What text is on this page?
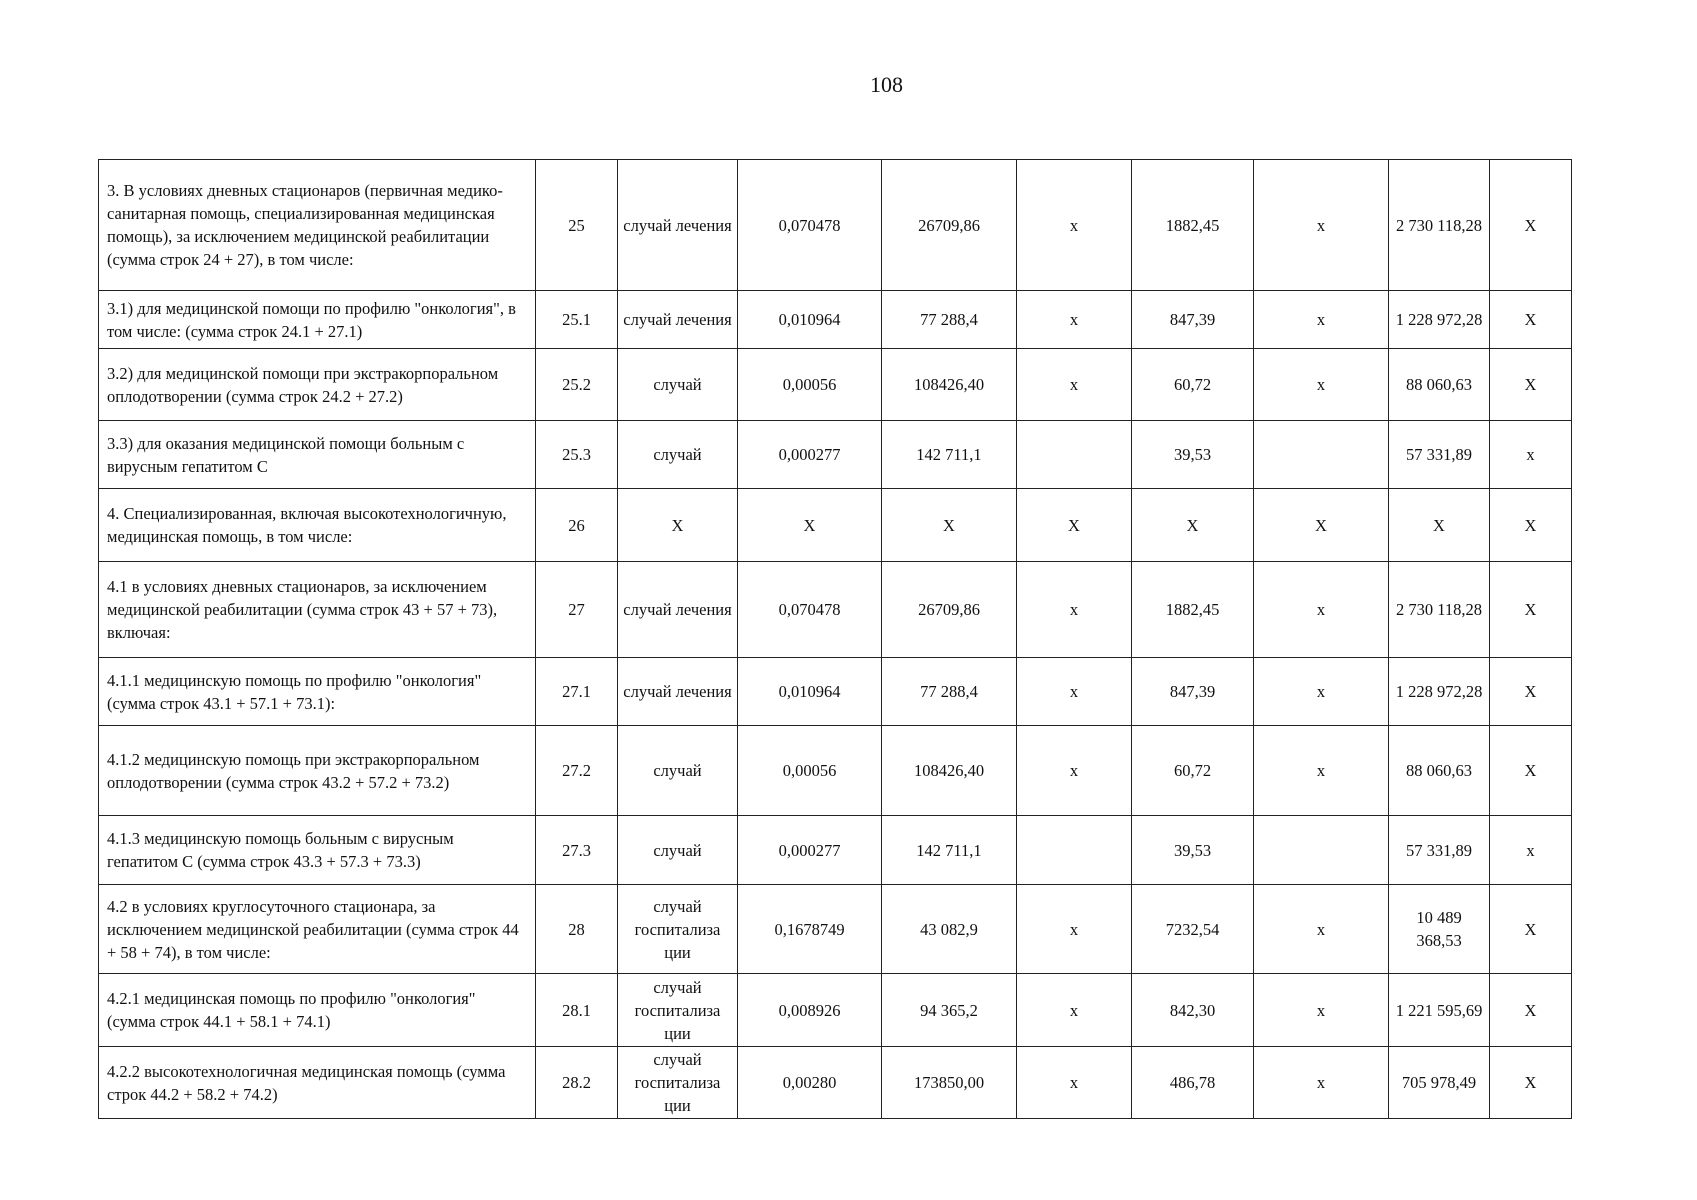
108
3. В условиях дневных стационаров (первичная медико-санитарная помощь, специализированная медицинская помощь), за исключением медицинской реабилитации (сумма строк 24 + 27), в том числе:	25	случай лечения	0,070478	26709,86	х	1882,45	х	2 730 118,28	Х
3.1) для медицинской помощи по профилю "онкология", в том числе: (сумма строк 24.1 + 27.1)	25.1	случай лечения	0,010964	77 288,4	х	847,39	х	1 228 972,28	Х
3.2) для медицинской помощи при экстракорпоральном оплодотворении (сумма строк 24.2 + 27.2)	25.2	случай	0,00056	108426,40	х	60,72	х	88 060,63	Х
3.3) для оказания медицинской помощи больным с вирусным гепатитом С	25.3	случай	0,000277	142 711,1		39,53		57 331,89	х
4. Специализированная, включая высокотехнологичную, медицинская помощь, в том числе:	26	Х	Х	Х	Х	Х	Х	Х	Х
4.1 в условиях дневных стационаров, за исключением медицинской реабилитации (сумма строк 43 + 57 + 73), включая:	27	случай лечения	0,070478	26709,86	х	1882,45	х	2 730 118,28	Х
4.1.1 медицинскую помощь по профилю "онкология" (сумма строк 43.1 + 57.1 + 73.1):	27.1	случай лечения	0,010964	77 288,4	х	847,39	х	1 228 972,28	Х
4.1.2 медицинскую помощь при экстракорпоральном оплодотворении (сумма строк 43.2 + 57.2 + 73.2)	27.2	случай	0,00056	108426,40	х	60,72	х	88 060,63	Х
4.1.3 медицинскую помощь больным с вирусным гепатитом С (сумма строк 43.3 + 57.3 + 73.3)	27.3	случай	0,000277	142 711,1		39,53		57 331,89	х
4.2 в условиях круглосуточного стационара, за исключением медицинской реабилитации (сумма строк 44 + 58 + 74), в том числе:	28	случай госпитализа ции	0,1678749	43 082,9	х	7232,54	х	10 489 368,53	Х
4.2.1 медицинская помощь по профилю "онкология" (сумма строк 44.1 + 58.1 + 74.1)	28.1	случай госпитализа ции	0,008926	94 365,2	х	842,30	х	1 221 595,69	Х
4.2.2 высокотехнологичная медицинская помощь (сумма строк 44.2 + 58.2 + 74.2)	28.2	случай госпитализа ции	0,00280	173850,00	х	486,78	х	705 978,49	Х
